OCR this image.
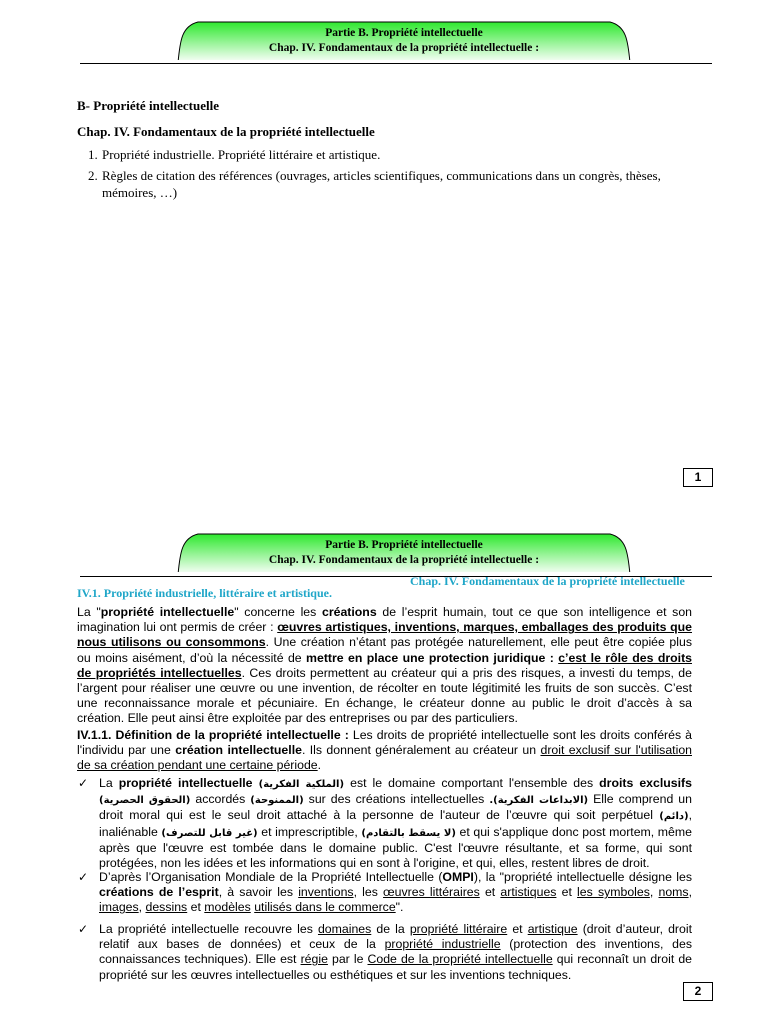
Partie B. Propriété intellectuelle
Chap. IV. Fondamentaux de la propriété intellectuelle :
B- Propriété intellectuelle
Chap. IV. Fondamentaux de la propriété intellectuelle
1. Propriété industrielle. Propriété littéraire et artistique.
2. Règles de citation des références (ouvrages, articles scientifiques, communications dans un congrès, thèses, mémoires, …)
1
Partie B. Propriété intellectuelle
Chap. IV. Fondamentaux de la propriété intellectuelle :
Chap. IV. Fondamentaux de la propriété intellectuelle
IV.1. Propriété industrielle, littéraire et artistique.
La "propriété intellectuelle" concerne les créations de l’esprit humain, tout ce que son intelligence et son imagination lui ont permis de créer : œuvres artistiques, inventions, marques, emballages des produits que nous utilisons ou consommons. Une création n’étant pas protégée naturellement, elle peut être copiée plus ou moins aisément, d’où la nécessité de mettre en place une protection juridique : c’est le rôle des droits de propriétés intellectuelles. Ces droits permettent au créateur qui a pris des risques, a investi du temps, de l’argent pour réaliser une œuvre ou une invention, de récolter en toute légitimité les fruits de son succès. C’est une reconnaissance morale et pécuniaire. En échange, le créateur donne au public le droit d’accès à sa création. Elle peut ainsi être exploitée par des entreprises ou par des particuliers.
IV.1.1. Définition de la propriété intellectuelle : Les droits de propriété intellectuelle sont les droits conférés à l'individu par une création intellectuelle. Ils donnent généralement au créateur un droit exclusif sur l'utilisation de sa création pendant une certaine période.
✓ La propriété intellectuelle (الملكية الفكرية) est le domaine comportant l'ensemble des droits exclusifs (الحقوق الحصرية) accordés (الممنوحة) sur des créations intellectuelles .(الابداعات الفكرية) Elle comprend un droit moral qui est le seul droit attaché à la personne de l'auteur de l’œuvre qui soit perpétuel (دائم), inaliénable (غير قابل للتصرف) et imprescriptible, (لا يسقط بالتقادم) et qui s'applique donc post mortem, même après que l'œuvre est tombée dans le domaine public. C'est l'œuvre résultante, et sa forme, qui sont protégées, non les idées et les informations qui en sont à l'origine, et qui, elles, restent libres de droit.
✓ D’après l’Organisation Mondiale de la Propriété Intellectuelle (OMPI), la "propriété intellectuelle désigne les créations de l’esprit, à savoir les inventions, les œuvres littéraires et artistiques et les symboles, noms, images, dessins et modèles utilisés dans le commerce".
✓ La propriété intellectuelle recouvre les domaines de la propriété littéraire et artistique (droit d’auteur, droit relatif aux bases de données) et ceux de la propriété industrielle (protection des inventions, des connaissances techniques). Elle est régie par le Code de la propriété intellectuelle qui reconnaît un droit de propriété sur les œuvres intellectuelles ou esthétiques et sur les inventions techniques.
2
